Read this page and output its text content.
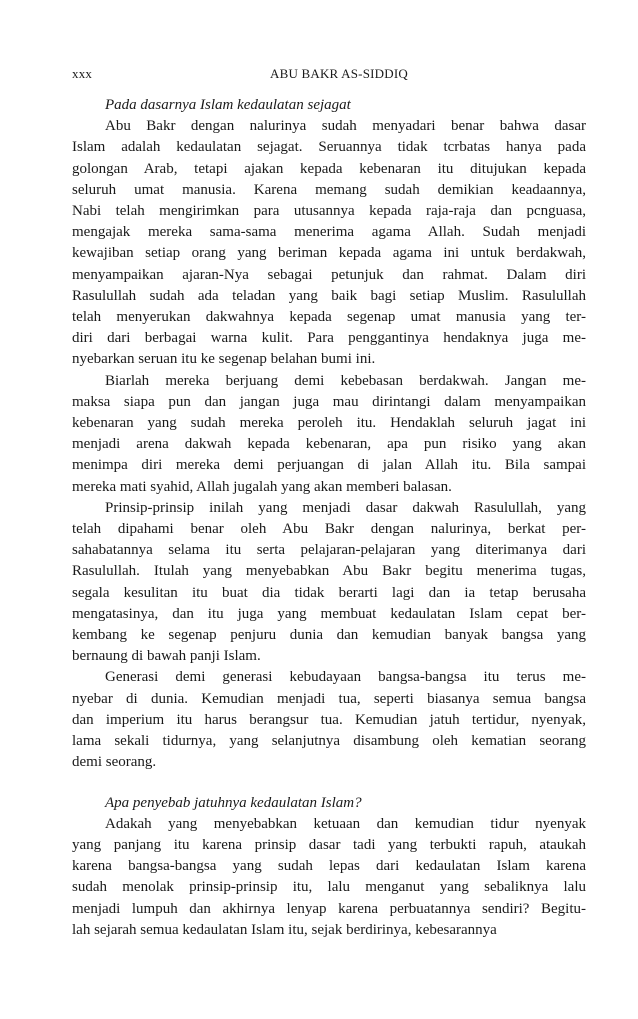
xxx	ABU BAKR AS-SIDDIQ

Pada dasarnya Islam kedaulatan sejagat

Abu Bakr dengan nalurinya sudah menyadari benar bahwa dasar
Islam adalah kedaulatan sejagat. Seruannya tidak tcrbatas hanya pada
golongan Arab, tetapi ajakan kepada kebenaran itu ditujukan kepada
seluruh umat manusia. Karena memang sudah demikian keadaannya,
Nabi telah mengirimkan para utusannya kepada raja-raja dan pcnguasa,
mengajak mereka sama-sama menerima agama Allah. Sudah menjadi
kewajiban setiap orang yang beriman kepada agama ini untuk berdakwah,
menyampaikan ajaran-Nya sebagai petunjuk dan rahmat. Dalam diri
Rasulullah sudah ada teladan yang baik bagi setiap Muslim. Rasulullah
telah menyerukan dakwahnya kepada segenap umat manusia yang ter-
diri dari berbagai warna kulit. Para penggantinya hendaknya juga me-
nyebarkan seruan itu ke segenap belahan bumi ini.

Biarlah mereka berjuang demi kebebasan berdakwah. Jangan me-
maksa siapa pun dan jangan juga mau dirintangi dalam menyampaikan
kebenaran yang sudah mereka peroleh itu. Hendaklah seluruh jagat ini
menjadi arena dakwah kepada kebenaran, apa pun risiko yang akan
menimpa diri mereka demi perjuangan di jalan Allah itu. Bila sampai
mereka mati syahid, Allah jugalah yang akan memberi balasan.

Prinsip-prinsip inilah yang menjadi dasar dakwah Rasulullah, yang
telah dipahami benar oleh Abu Bakr dengan nalurinya, berkat per-
sahabatannya selama itu serta pelajaran-pelajaran yang diterimanya dari
Rasulullah. Itulah yang menyebabkan Abu Bakr begitu menerima tugas,
segala kesulitan itu buat dia tidak berarti lagi dan ia tetap berusaha
mengatasinya, dan itu juga yang membuat kedaulatan Islam cepat ber-
kembang ke segenap penjuru dunia dan kemudian banyak bangsa yang
bernaung di bawah panji Islam.

Generasi demi generasi kebudayaan bangsa-bangsa itu terus me-
nyebar di dunia. Kemudian menjadi tua, seperti biasanya semua bangsa
dan imperium itu harus berangsur tua. Kemudian jatuh tertidur, nyenyak,
lama sekali tidurnya, yang selanjutnya disambung oleh kematian seorang
demi seorang.

Apa penyebab jatuhnya kedaulatan Islam?

Adakah yang menyebabkan ketuaan dan kemudian tidur nyenyak
yang panjang itu karena prinsip dasar tadi yang terbukti rapuh, ataukah
karena bangsa-bangsa yang sudah lepas dari kedaulatan Islam karena
sudah menolak prinsip-prinsip itu, lalu menganut yang sebaliknya lalu
menjadi lumpuh dan akhirnya lenyap karena perbuatannya sendiri? Begitu-
lah sejarah semua kedaulatan Islam itu, sejak berdirinya, kebesarannya
